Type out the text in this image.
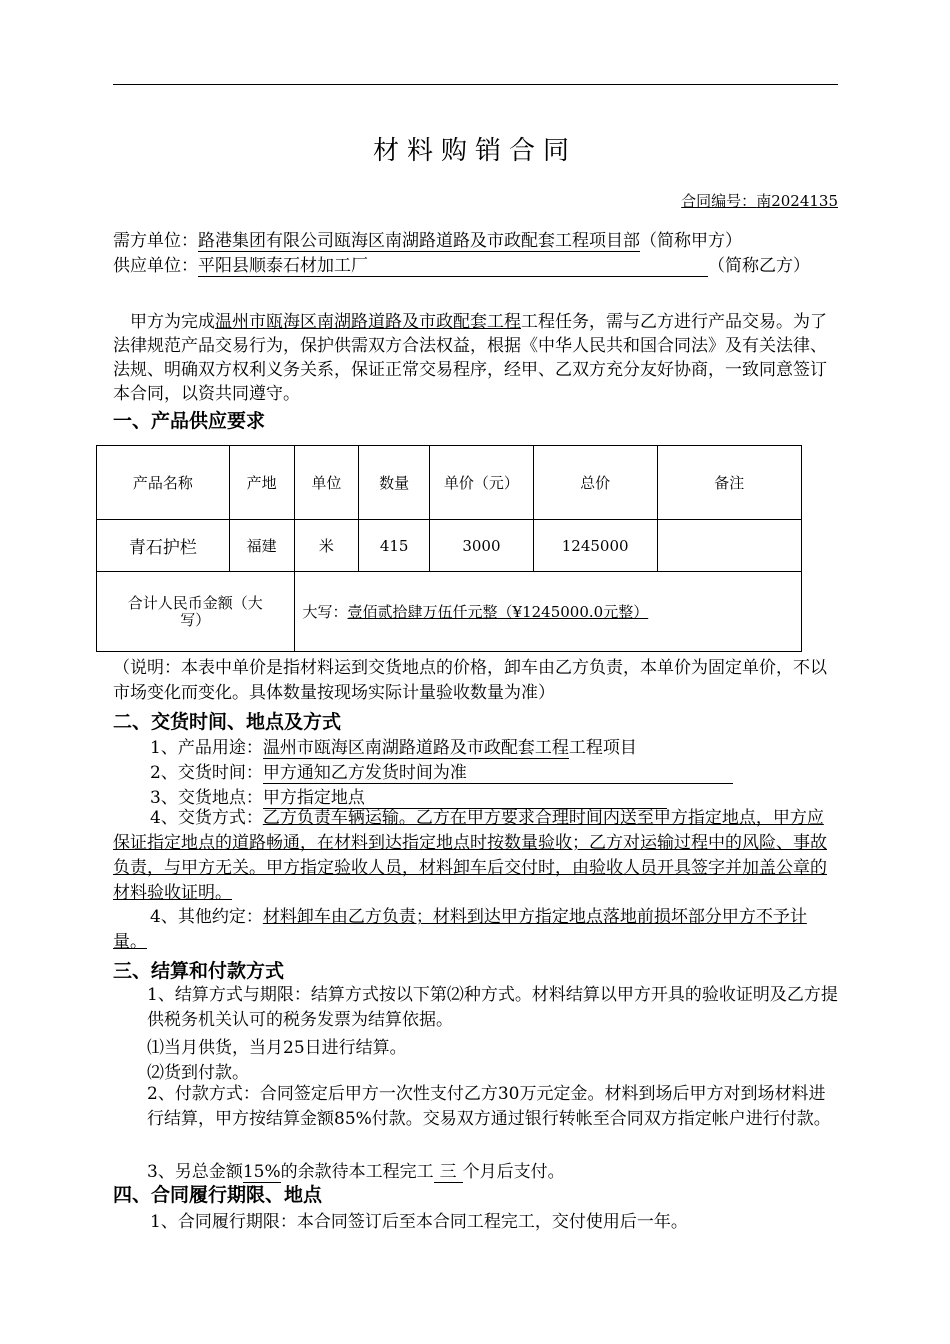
材料购销合同
合同编号：南2024135
需方单位：路港集团有限公司瓯海区南湖路道路及市政配套工程项目部（简称甲方）
供应单位：平阳县顺泰石材加工厂	（简称乙方）
甲方为完成温州市瓯海区南湖路道路及市政配套工程工程任务，需与乙方进行产品交易。为了法律规范产品交易行为，保护供需双方合法权益，根据《中华人民共和国合同法》及有关法律、法规、明确双方权利义务关系，保证正常交易程序，经甲、乙双方充分友好协商，一致同意签订本合同，以资共同遵守。
一、产品供应要求
产品名称	产地	单位	数量	单价（元）	总价	备注
青石护栏	福建	米	415	3000	1245000	
合计人民币金额（大写）		大写：壹佰贰拾肆万伍仟元整（¥1245000.0元整）				
（说明：本表中单价是指材料运到交货地点的价格，卸车由乙方负责，本单价为固定单价，不以市场变化而变化。具体数量按现场实际计量验收数量为准）
二、交货时间、地点及方式
1、产品用途：温州市瓯海区南湖路道路及市政配套工程工程项目
2、交货时间：甲方通知乙方发货时间为准
3、交货地点：甲方指定地点
4、交货方式：乙方负责车辆运输。乙方在甲方要求合理时间内送至甲方指定地点，甲方应保证指定地点的道路畅通，在材料到达指定地点时按数量验收；乙方对运输过程中的风险、事故负责，与甲方无关。甲方指定验收人员，材料卸车后交付时，由验收人员开具签字并加盖公章的材料验收证明。
4、其他约定：材料卸车由乙方负责；材料到达甲方指定地点落地前损坏部分甲方不予计量。
三、结算和付款方式
1、结算方式与期限：结算方式按以下第⑵种方式。材料结算以甲方开具的验收证明及乙方提供税务机关认可的税务发票为结算依据。
⑴当月供货，当月25日进行结算。
⑵货到付款。
2、付款方式：合同签定后甲方一次性支付乙方30万元定金。材料到场后甲方对到场材料进行结算，甲方按结算金额85%付款。交易双方通过银行转帐至合同双方指定帐户进行付款。
3、另总金额15%的余款待本工程完工 三 个月后支付。
四、合同履行期限、地点
1、合同履行期限：本合同签订后至本合同工程完工，交付使用后一年。
